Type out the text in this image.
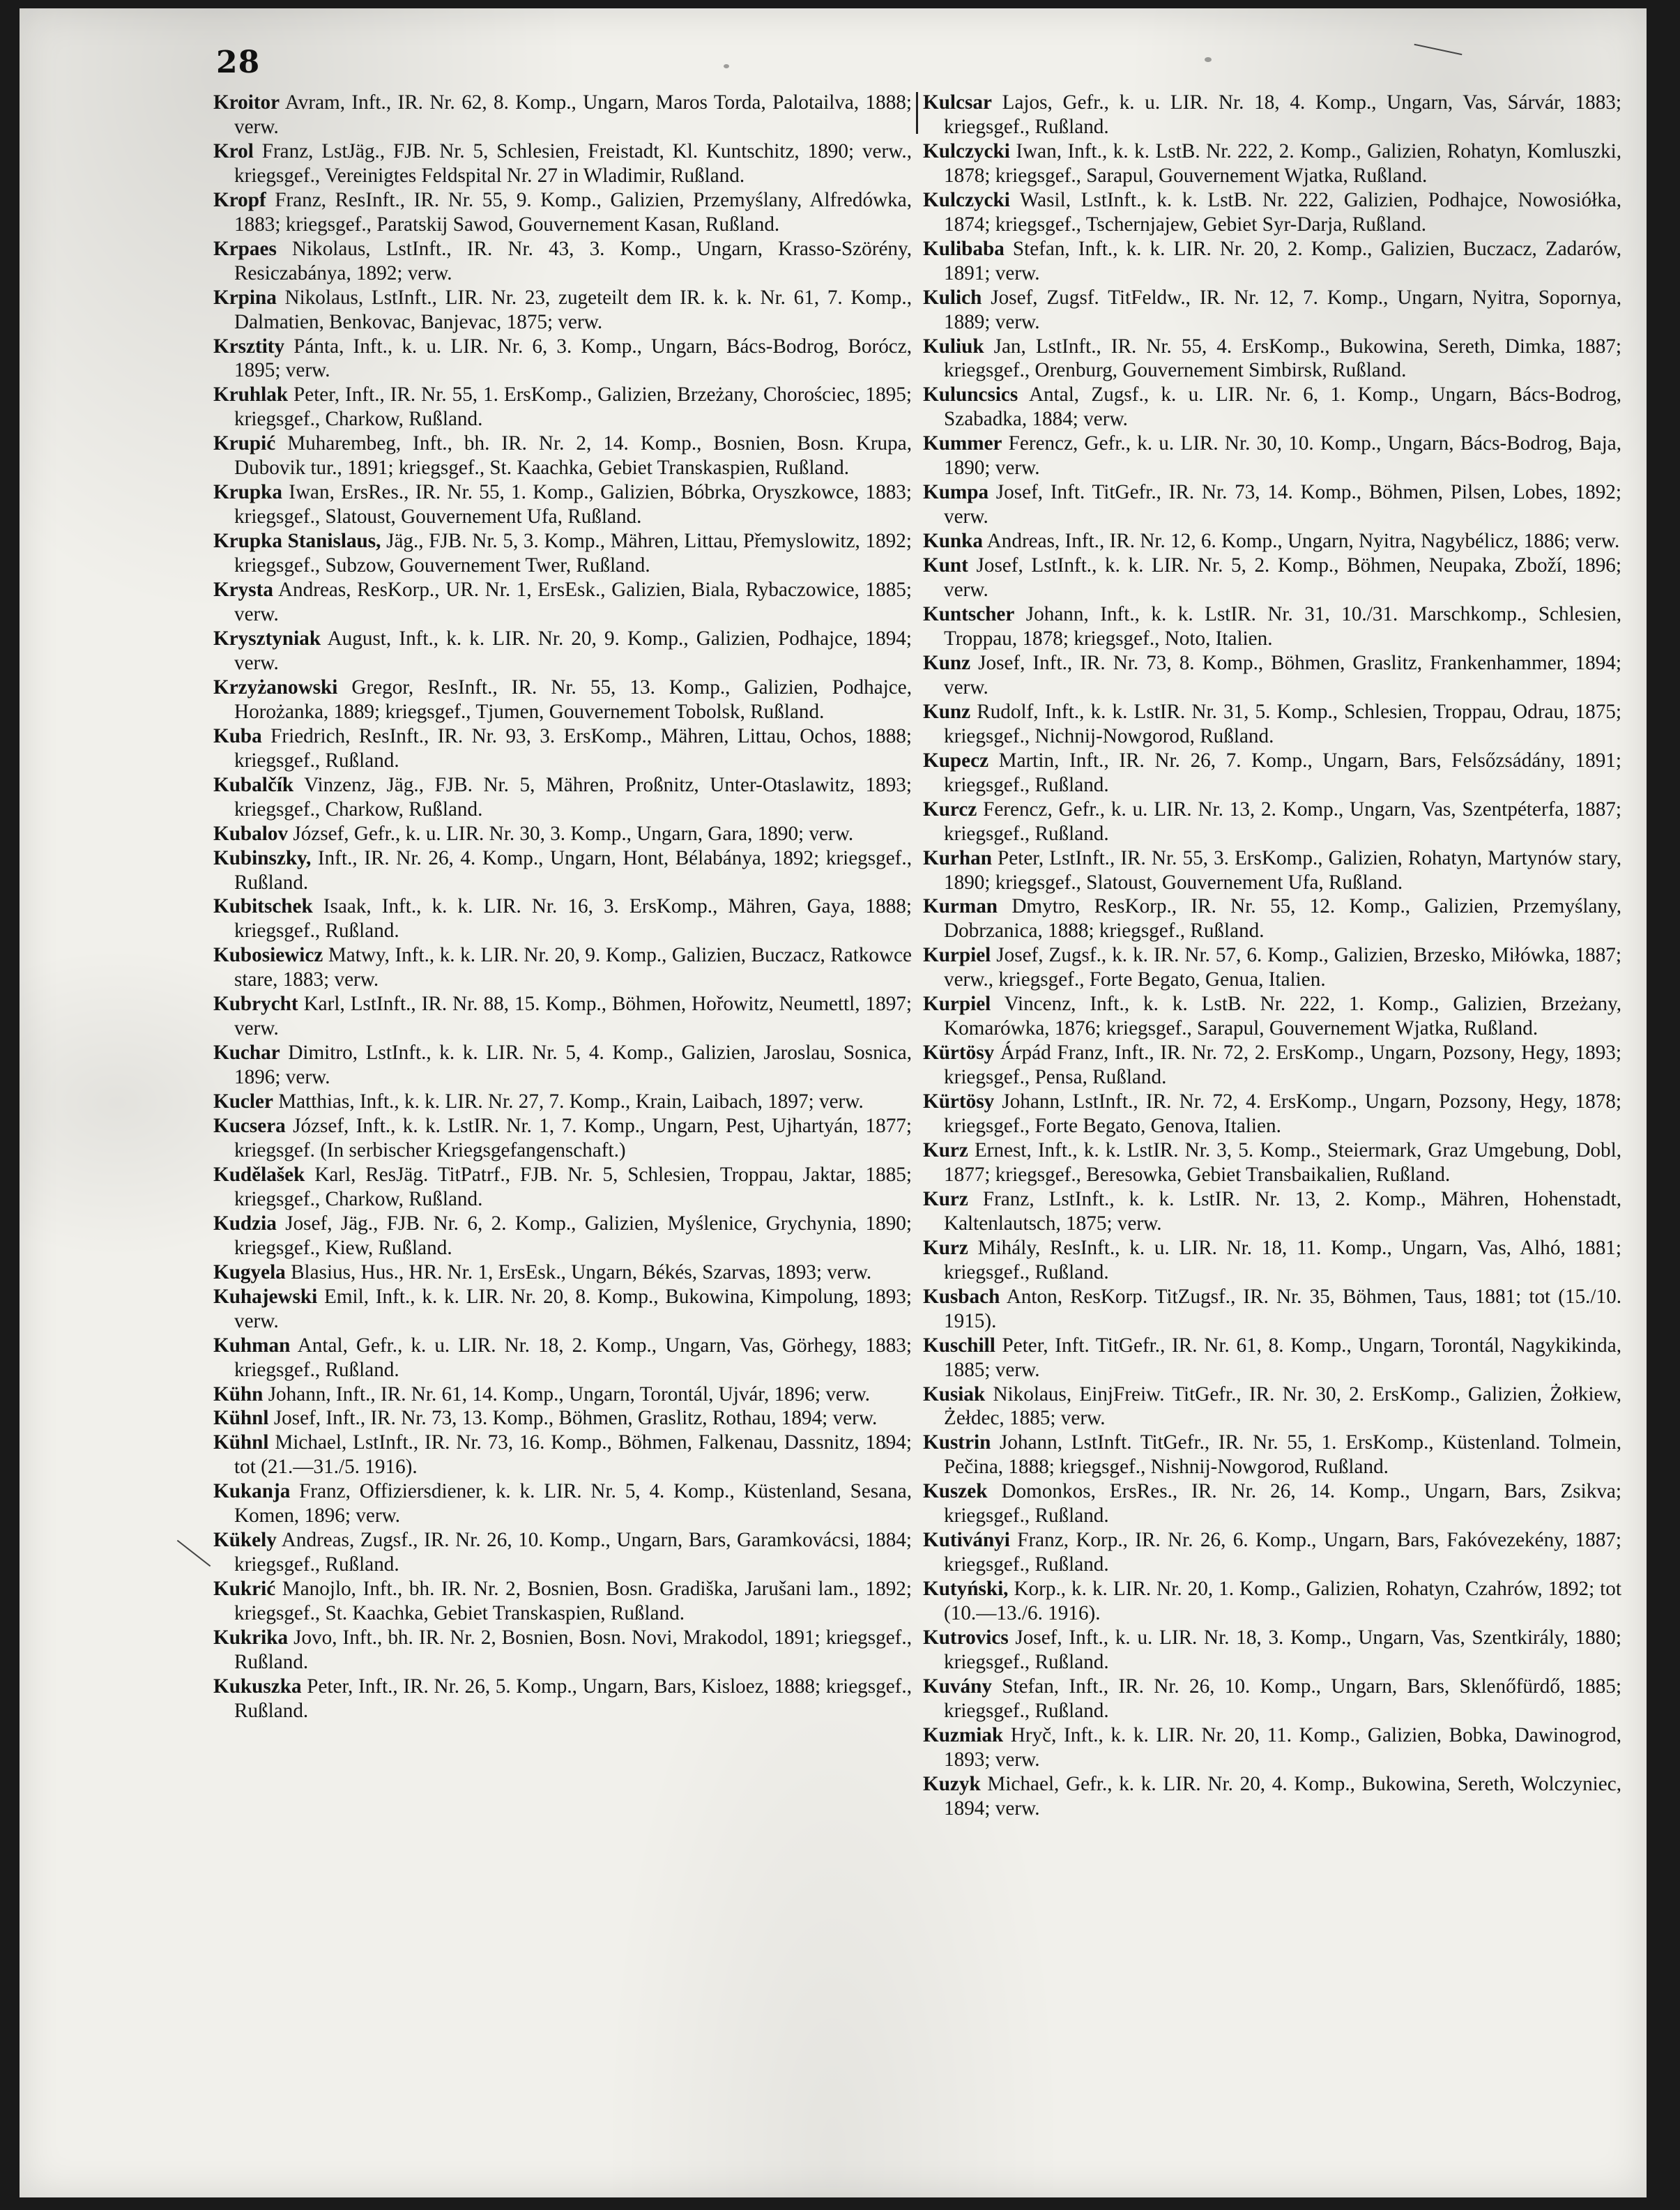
28

Kroitor Avram, Inft., IR. Nr. 62, 8. Komp., Ungarn, Maros Torda, Palotailva, 1888; verw.

Krol Franz, LstJäg., FJB. Nr. 5, Schlesien, Freistadt, Kl. Kuntschitz, 1890; verw., kriegsgef., Vereinigtes Feldspital Nr. 27 in Wladimir, Rußland.

Kropf Franz, ResInft., IR. Nr. 55, 9. Komp., Galizien, Przemyślany, Alfredówka, 1883; kriegsgef., Paratskij Sawod, Gouvernement Kasan, Rußland.

Krpaes Nikolaus, LstInft., IR. Nr. 43, 3. Komp., Ungarn, Krasso-Szörény, Resiczabánya, 1892; verw.

Krpina Nikolaus, LstInft., LIR. Nr. 23, zugeteilt dem IR. k. k. Nr. 61, 7. Komp., Dalmatien, Benkovac, Banjevac, 1875; verw.

Krsztity Pánta, Inft., k. u. LIR. Nr. 6, 3. Komp., Ungarn, Bács-Bodrog, Borócz, 1895; verw.

Kruhlak Peter, Inft., IR. Nr. 55, 1. ErsKomp., Galizien, Brzeżany, Chorościec, 1895; kriegsgef., Charkow, Rußland.

Krupić Muharembeg, Inft., bh. IR. Nr. 2, 14. Komp., Bosnien, Bosn. Krupa, Dubovik tur., 1891; kriegsgef., St. Kaachka, Gebiet Transkaspien, Rußland.

Krupka Iwan, ErsRes., IR. Nr. 55, 1. Komp., Galizien, Bóbrka, Oryszkowce, 1883; kriegsgef., Slatoust, Gouvernement Ufa, Rußland.

Krupka Stanislaus, Jäg., FJB. Nr. 5, 3. Komp., Mähren, Littau, Přemyslowitz, 1892; kriegsgef., Subzow, Gouvernement Twer, Rußland.

Krysta Andreas, ResKorp., UR. Nr. 1, ErsEsk., Galizien, Biala, Rybaczowice, 1885; verw.

Krysztyniak August, Inft., k. k. LIR. Nr. 20, 9. Komp., Galizien, Podhajce, 1894; verw.

Krzyżanowski Gregor, ResInft., IR. Nr. 55, 13. Komp., Galizien, Podhajce, Horożanka, 1889; kriegsgef., Tjumen, Gouvernement Tobolsk, Rußland.

Kuba Friedrich, ResInft., IR. Nr. 93, 3. ErsKomp., Mähren, Littau, Ochos, 1888; kriegsgef., Rußland.

Kubalčík Vinzenz, Jäg., FJB. Nr. 5, Mähren, Proßnitz, Unter-Otaslawitz, 1893; kriegsgef., Charkow, Rußland.

Kubalov József, Gefr., k. u. LIR. Nr. 30, 3. Komp., Ungarn, Gara, 1890; verw.

Kubinszky, Inft., IR. Nr. 26, 4. Komp., Ungarn, Hont, Bélabánya, 1892; kriegsgef., Rußland.

Kubitschek Isaak, Inft., k. k. LIR. Nr. 16, 3. ErsKomp., Mähren, Gaya, 1888; kriegsgef., Rußland.

Kubosiewicz Matwy, Inft., k. k. LIR. Nr. 20, 9. Komp., Galizien, Buczacz, Ratkowce stare, 1883; verw.

Kubrycht Karl, LstInft., IR. Nr. 88, 15. Komp., Böhmen, Hořowitz, Neumettl, 1897; verw.

Kuchar Dimitro, LstInft., k. k. LIR. Nr. 5, 4. Komp., Galizien, Jaroslau, Sosnica, 1896; verw.

Kucler Matthias, Inft., k. k. LIR. Nr. 27, 7. Komp., Krain, Laibach, 1897; verw.

Kucsera József, Inft., k. k. LstIR. Nr. 1, 7. Komp., Ungarn, Pest, Ujhartyán, 1877; kriegsgef. (In serbischer Kriegsgefangenschaft.)

Kudělašek Karl, ResJäg. TitPatrf., FJB. Nr. 5, Schlesien, Troppau, Jaktar, 1885; kriegsgef., Charkow, Rußland.

Kudzia Josef, Jäg., FJB. Nr. 6, 2. Komp., Galizien, Myślenice, Grychynia, 1890; kriegsgef., Kiew, Rußland.

Kugyela Blasius, Hus., HR. Nr. 1, ErsEsk., Ungarn, Békés, Szarvas, 1893; verw.

Kuhajewski Emil, Inft., k. k. LIR. Nr. 20, 8. Komp., Bukowina, Kimpolung, 1893; verw.

Kuhman Antal, Gefr., k. u. LIR. Nr. 18, 2. Komp., Ungarn, Vas, Görhegy, 1883; kriegsgef., Rußland.

Kühn Johann, Inft., IR. Nr. 61, 14. Komp., Ungarn, Torontál, Ujvár, 1896; verw.

Kühnl Josef, Inft., IR. Nr. 73, 13. Komp., Böhmen, Graslitz, Rothau, 1894; verw.

Kühnl Michael, LstInft., IR. Nr. 73, 16. Komp., Böhmen, Falkenau, Dassnitz, 1894; tot (21.—31./5. 1916).

Kukanja Franz, Offiziersdiener, k. k. LIR. Nr. 5, 4. Komp., Küstenland, Sesana, Komen, 1896; verw.

Kükely Andreas, Zugsf., IR. Nr. 26, 10. Komp., Ungarn, Bars, Garamkovácsi, 1884; kriegsgef., Rußland.

Kukrić Manojlo, Inft., bh. IR. Nr. 2, Bosnien, Bosn. Gradiška, Jarušani lam., 1892; kriegsgef., St. Kaachka, Gebiet Transkaspien, Rußland.

Kukrika Jovo, Inft., bh. IR. Nr. 2, Bosnien, Bosn. Novi, Mrakodol, 1891; kriegsgef., Rußland.

Kukuszka Peter, Inft., IR. Nr. 26, 5. Komp., Ungarn, Bars, Kisloez, 1888; kriegsgef., Rußland.

Kulcsar Lajos, Gefr., k. u. LIR. Nr. 18, 4. Komp., Ungarn, Vas, Sárvár, 1883; kriegsgef., Rußland.

Kulczycki Iwan, Inft., k. k. LstB. Nr. 222, 2. Komp., Galizien, Rohatyn, Komluszki, 1878; kriegsgef., Sarapul, Gouvernement Wjatka, Rußland.

Kulczycki Wasil, LstInft., k. k. LstB. Nr. 222, Galizien, Podhajce, Nowosiółka, 1874; kriegsgef., Tschernjajew, Gebiet Syr-Darja, Rußland.

Kulibaba Stefan, Inft., k. k. LIR. Nr. 20, 2. Komp., Galizien, Buczacz, Zadarów, 1891; verw.

Kulich Josef, Zugsf. TitFeldw., IR. Nr. 12, 7. Komp., Ungarn, Nyitra, Sopornya, 1889; verw.

Kuliuk Jan, LstInft., IR. Nr. 55, 4. ErsKomp., Bukowina, Sereth, Dimka, 1887; kriegsgef., Orenburg, Gouvernement Simbirsk, Rußland.

Kuluncsics Antal, Zugsf., k. u. LIR. Nr. 6, 1. Komp., Ungarn, Bács-Bodrog, Szabadka, 1884; verw.

Kummer Ferencz, Gefr., k. u. LIR. Nr. 30, 10. Komp., Ungarn, Bács-Bodrog, Baja, 1890; verw.

Kumpa Josef, Inft. TitGefr., IR. Nr. 73, 14. Komp., Böhmen, Pilsen, Lobes, 1892; verw.

Kunka Andreas, Inft., IR. Nr. 12, 6. Komp., Ungarn, Nyitra, Nagybélicz, 1886; verw.

Kunt Josef, LstInft., k. k. LIR. Nr. 5, 2. Komp., Böhmen, Neupaka, Zboží, 1896; verw.

Kuntscher Johann, Inft., k. k. LstIR. Nr. 31, 10./31. Marschkomp., Schlesien, Troppau, 1878; kriegsgef., Noto, Italien.

Kunz Josef, Inft., IR. Nr. 73, 8. Komp., Böhmen, Graslitz, Frankenhammer, 1894; verw.

Kunz Rudolf, Inft., k. k. LstIR. Nr. 31, 5. Komp., Schlesien, Troppau, Odrau, 1875; kriegsgef., Nichnij-Nowgorod, Rußland.

Kupecz Martin, Inft., IR. Nr. 26, 7. Komp., Ungarn, Bars, Felsőzsádány, 1891; kriegsgef., Rußland.

Kurcz Ferencz, Gefr., k. u. LIR. Nr. 13, 2. Komp., Ungarn, Vas, Szentpéterfa, 1887; kriegsgef., Rußland.

Kurhan Peter, LstInft., IR. Nr. 55, 3. ErsKomp., Galizien, Rohatyn, Martynów stary, 1890; kriegsgef., Slatoust, Gouvernement Ufa, Rußland.

Kurman Dmytro, ResKorp., IR. Nr. 55, 12. Komp., Galizien, Przemyślany, Dobrzanica, 1888; kriegsgef., Rußland.

Kurpiel Josef, Zugsf., k. k. IR. Nr. 57, 6. Komp., Galizien, Brzesko, Miłówka, 1887; verw., kriegsgef., Forte Begato, Genua, Italien.

Kurpiel Vincenz, Inft., k. k. LstB. Nr. 222, 1. Komp., Galizien, Brzeżany, Komarówka, 1876; kriegsgef., Sarapul, Gouvernement Wjatka, Rußland.

Kürtösy Árpád Franz, Inft., IR. Nr. 72, 2. ErsKomp., Ungarn, Pozsony, Hegy, 1893; kriegsgef., Pensa, Rußland.

Kürtösy Johann, LstInft., IR. Nr. 72, 4. ErsKomp., Ungarn, Pozsony, Hegy, 1878; kriegsgef., Forte Begato, Genova, Italien.

Kurz Ernest, Inft., k. k. LstIR. Nr. 3, 5. Komp., Steiermark, Graz Umgebung, Dobl, 1877; kriegsgef., Beresowka, Gebiet Transbaikalien, Rußland.

Kurz Franz, LstInft., k. k. LstIR. Nr. 13, 2. Komp., Mähren, Hohenstadt, Kaltenlautsch, 1875; verw.

Kurz Mihály, ResInft., k. u. LIR. Nr. 18, 11. Komp., Ungarn, Vas, Alhó, 1881; kriegsgef., Rußland.

Kusbach Anton, ResKorp. TitZugsf., IR. Nr. 35, Böhmen, Taus, 1881; tot (15./10. 1915).

Kuschill Peter, Inft. TitGefr., IR. Nr. 61, 8. Komp., Ungarn, Torontál, Nagykikinda, 1885; verw.

Kusiak Nikolaus, EinjFreiw. TitGefr., IR. Nr. 30, 2. ErsKomp., Galizien, Żołkiew, Żełdec, 1885; verw.

Kustrin Johann, LstInft. TitGefr., IR. Nr. 55, 1. ErsKomp., Küstenland. Tolmein, Pečina, 1888; kriegsgef., Nishnij-Nowgorod, Rußland.

Kuszek Domonkos, ErsRes., IR. Nr. 26, 14. Komp., Ungarn, Bars, Zsikva; kriegsgef., Rußland.

Kutiványi Franz, Korp., IR. Nr. 26, 6. Komp., Ungarn, Bars, Fakóvezekény, 1887; kriegsgef., Rußland.

Kutyński, Korp., k. k. LIR. Nr. 20, 1. Komp., Galizien, Rohatyn, Czahrów, 1892; tot (10.—13./6. 1916).

Kutrovics Josef, Inft., k. u. LIR. Nr. 18, 3. Komp., Ungarn, Vas, Szentkirály, 1880; kriegsgef., Rußland.

Kuvány Stefan, Inft., IR. Nr. 26, 10. Komp., Ungarn, Bars, Sklenőfürdő, 1885; kriegsgef., Rußland.

Kuzmiak Hryč, Inft., k. k. LIR. Nr. 20, 11. Komp., Galizien, Bobka, Dawinogrod, 1893; verw.

Kuzyk Michael, Gefr., k. k. LIR. Nr. 20, 4. Komp., Bukowina, Sereth, Wolczyniec, 1894; verw.
